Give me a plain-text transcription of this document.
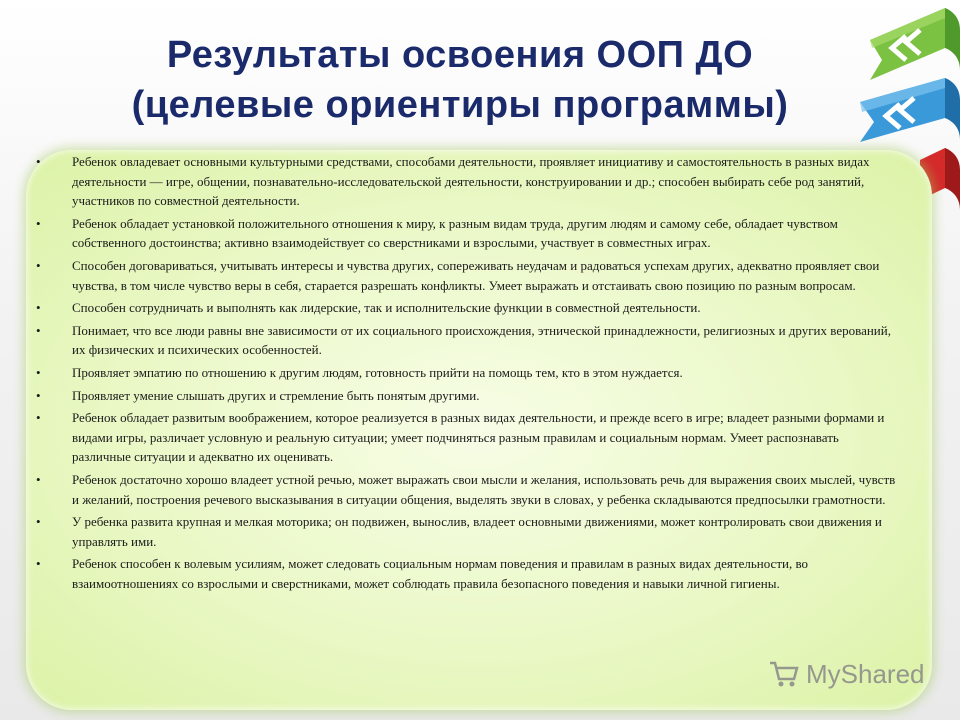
Результаты освоения ООП ДО
(целевые ориентиры программы)
• Ребенок овладевает основными культурными средствами, способами деятельности, проявляет инициативу и самостоятельность в разных видах деятельности — игре, общении, познавательно-исследовательской деятельности, конструировании и др.; способен выбирать себе род занятий, участников по совместной деятельности.
• Ребенок обладает установкой положительного отношения к миру, к разным видам труда, другим людям и самому себе, обладает чувством собственного достоинства; активно взаимодействует со сверстниками и взрослыми, участвует в совместных играх.
• Способен договариваться, учитывать интересы и чувства других, сопереживать неудачам и радоваться успехам других, адекватно проявляет свои чувства, в том числе чувство веры в себя, старается разрешать конфликты. Умеет выражать и отстаивать свою позицию по разным вопросам.
• Способен сотрудничать и выполнять как лидерские, так и исполнительские функции в совместной деятельности.
• Понимает, что все люди равны вне зависимости от их социального происхождения, этнической принадлежности, религиозных и других верований, их физических и психических особенностей.
• Проявляет эмпатию по отношению к другим людям, готовность прийти на помощь тем, кто в этом нуждается.
• Проявляет умение слышать других и стремление быть понятым другими.
• Ребенок обладает развитым воображением, которое реализуется в разных видах деятельности, и прежде всего в игре; владеет разными формами и видами игры, различает условную и реальную ситуации; умеет подчиняться разным правилам и социальным нормам. Умеет распознавать различные ситуации и адекватно их оценивать.
• Ребенок достаточно хорошо владеет устной речью, может выражать свои мысли и желания, использовать речь для выражения своих мыслей, чувств и желаний, построения речевого высказывания в ситуации общения, выделять звуки в словах, у ребенка складываются предпосылки грамотности.
• У ребенка развита крупная и мелкая моторика; он подвижен, вынослив, владеет основными движениями, может контролировать свои движения и управлять ими.
• Ребенок способен к волевым усилиям, может следовать социальным нормам поведения и правилам в разных видах деятельности, во взаимоотношениях со взрослыми и сверстниками, может соблюдать правила безопасного поведения и навыки личной гигиены.
MyShared
